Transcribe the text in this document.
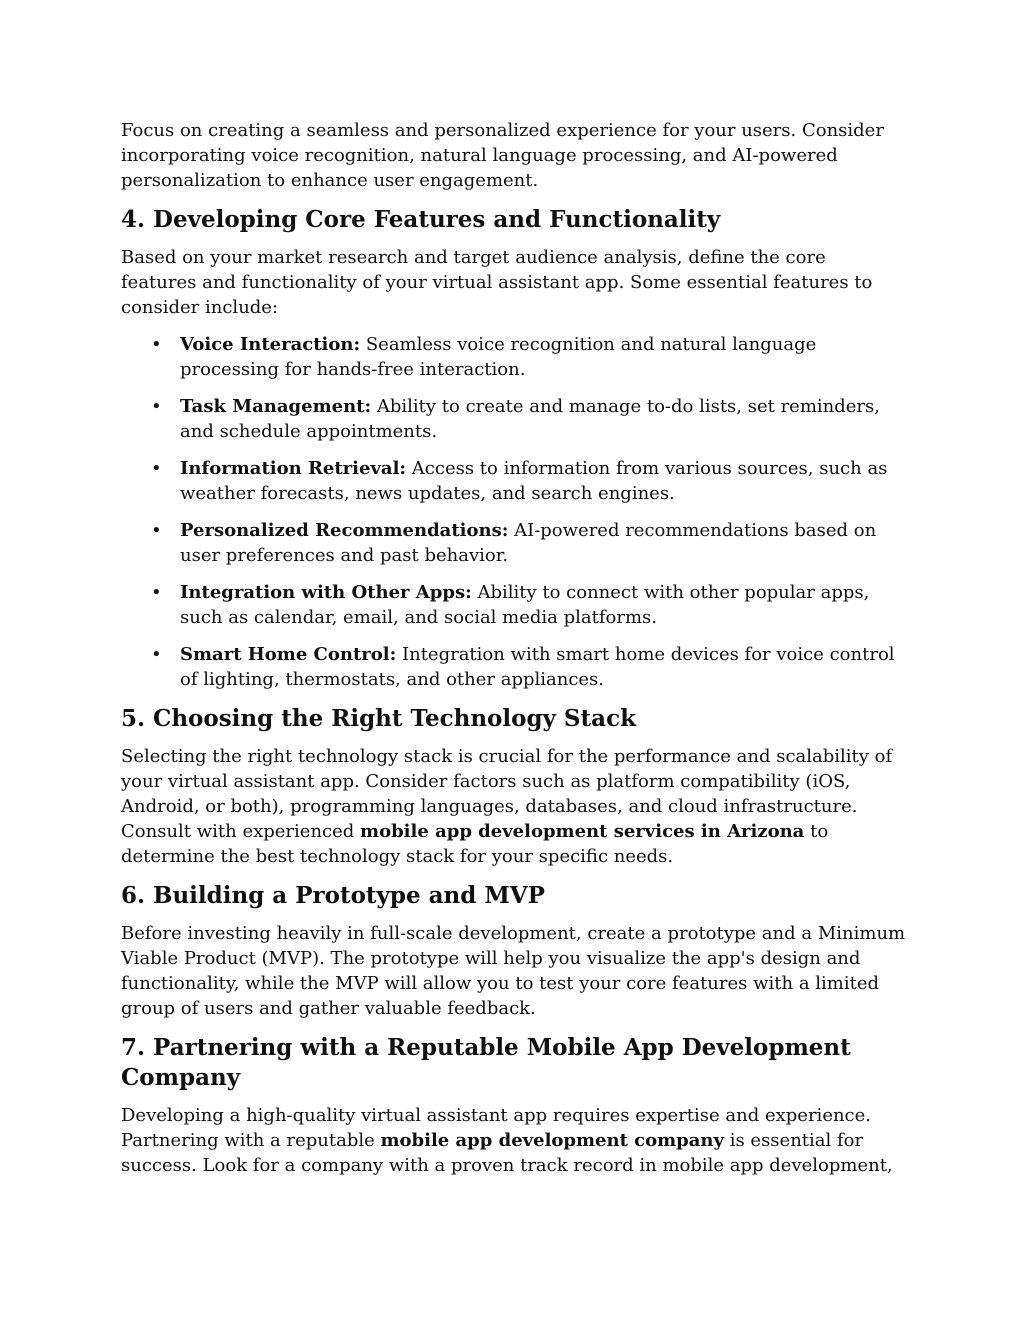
Focus on creating a seamless and personalized experience for your users. Consider incorporating voice recognition, natural language processing, and AI-powered personalization to enhance user engagement.

4. Developing Core Features and Functionality

Based on your market research and target audience analysis, define the core features and functionality of your virtual assistant app. Some essential features to consider include:

• Voice Interaction: Seamless voice recognition and natural language processing for hands-free interaction.
• Task Management: Ability to create and manage to-do lists, set reminders, and schedule appointments.
• Information Retrieval: Access to information from various sources, such as weather forecasts, news updates, and search engines.
• Personalized Recommendations: AI-powered recommendations based on user preferences and past behavior.
• Integration with Other Apps: Ability to connect with other popular apps, such as calendar, email, and social media platforms.
• Smart Home Control: Integration with smart home devices for voice control of lighting, thermostats, and other appliances.
5. Choosing the Right Technology Stack

Selecting the right technology stack is crucial for the performance and scalability of your virtual assistant app. Consider factors such as platform compatibility (iOS, Android, or both), programming languages, databases, and cloud infrastructure. Consult with experienced mobile app development services in Arizona to determine the best technology stack for your specific needs.

6. Building a Prototype and MVP

Before investing heavily in full-scale development, create a prototype and a Minimum Viable Product (MVP). The prototype will help you visualize the app's design and functionality, while the MVP will allow you to test your core features with a limited group of users and gather valuable feedback.

7. Partnering with a Reputable Mobile App Development Company

Developing a high-quality virtual assistant app requires expertise and experience. Partnering with a reputable mobile app development company is essential for success. Look for a company with a proven track record in mobile app development,
